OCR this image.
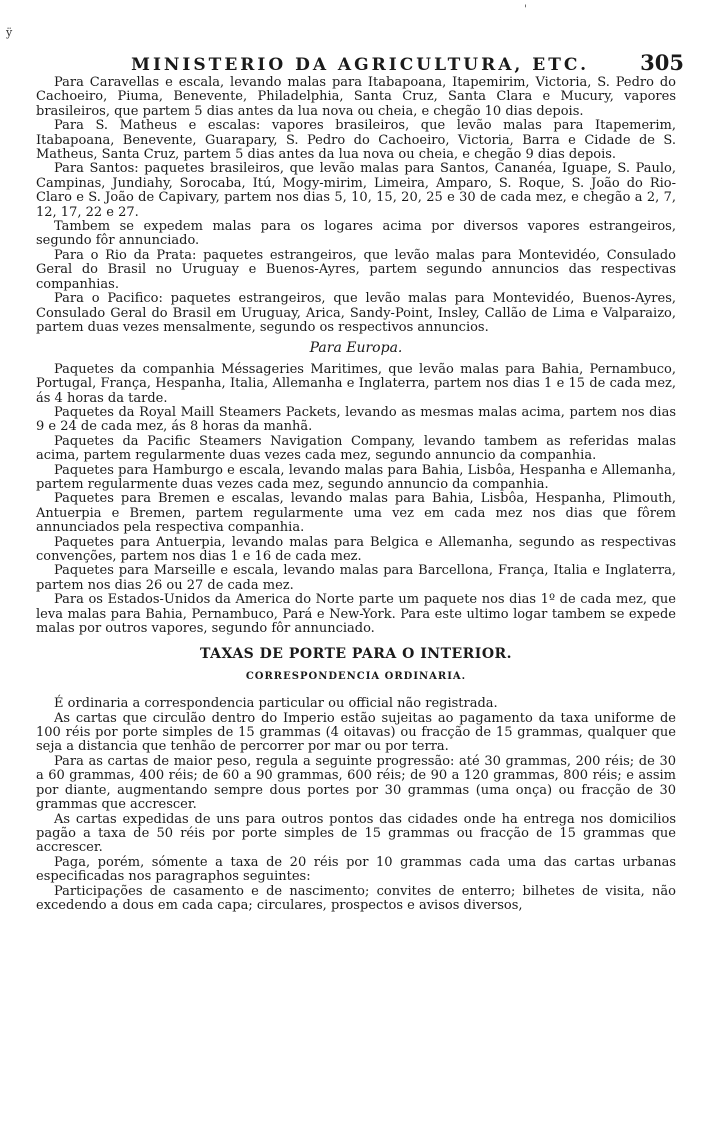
ÿ
'
MINISTERIO DA AGRICULTURA, ETC.	305

Para Caravellas e escala, levando malas para Itabapoana, Itapemirim, Victoria, S. Pedro do Cachoeiro, Piuma, Benevente, Philadelphia, Santa Cruz, Santa Clara e Mucury, vapores brasileiros, que partem 5 dias antes da lua nova ou cheia, e chegão 10 dias depois.

Para S. Matheus e escalas: vapores brasileiros, que levão malas para Itapemerim, Itabapoana, Benevente, Guarapary, S. Pedro do Cachoeiro, Victoria, Barra e Cidade de S. Matheus, Santa Cruz, partem 5 dias antes da lua nova ou cheia, e chegão 9 dias depois.

Para Santos: paquetes brasileiros, que levão malas para Santos, Cananéa, Iguape, S. Paulo, Campinas, Jundiahy, Sorocaba, Itú, Mogy-mirim, Limeira, Amparo, S. Roque, S. João do Rio-Claro e S. João de Capivary, partem nos dias 5, 10, 15, 20, 25 e 30 de cada mez, e chegão a 2, 7, 12, 17, 22 e 27.

Tambem se expedem malas para os logares acima por diversos vapores estrangeiros, segundo fôr annunciado.

Para o Rio da Prata: paquetes estrangeiros, que levão malas para Montevidéo, Consulado Geral do Brasil no Uruguay e Buenos-Ayres, partem segundo annuncios das respectivas companhias.

Para o Pacifico: paquetes estrangeiros, que levão malas para Montevidéo, Buenos-Ayres, Consulado Geral do Brasil em Uruguay, Arica, Sandy-Point, Insley, Callão de Lima e Valparaizo, partem duas vezes mensalmente, segundo os respectivos annuncios.

Para Europa.

Paquetes da companhia Méssageries Maritimes, que levão malas para Bahia, Pernambuco, Portugal, França, Hespanha, Italia, Allemanha e Inglaterra, partem nos dias 1 e 15 de cada mez, ás 4 horas da tarde.

Paquetes da Royal Maill Steamers Packets, levando as mesmas malas acima, partem nos dias 9 e 24 de cada mez, ás 8 horas da manhã.

Paquetes da Pacific Steamers Navigation Company, levando tambem as referidas malas acima, partem regularmente duas vezes cada mez, segundo annuncio da companhia.

Paquetes para Hamburgo e escala, levando malas para Bahia, Lisbôa, Hespanha e Allemanha, partem regularmente duas vezes cada mez, segundo annuncio da companhia.

Paquetes para Bremen e escalas, levando malas para Bahia, Lisbôa, Hespanha, Plimouth, Antuerpia e Bremen, partem regularmente uma vez em cada mez nos dias que fôrem annunciados pela respectiva companhia.

Paquetes para Antuerpia, levando malas para Belgica e Allemanha, segundo as respectivas convenções, partem nos dias 1 e 16 de cada mez.

Paquetes para Marseille e escala, levando malas para Barcellona, França, Italia e Inglaterra, partem nos dias 26 ou 27 de cada mez.

Para os Estados-Unidos da America do Norte parte um paquete nos dias 1º de cada mez, que leva malas para Bahia, Pernambuco, Pará e New-York. Para este ultimo logar tambem se expede malas por outros vapores, segundo fôr annunciado.

TAXAS DE PORTE PARA O INTERIOR.
CORRESPONDENCIA ORDINARIA.

É ordinaria a correspondencia particular ou official não registrada.

As cartas que circulão dentro do Imperio estão sujeitas ao pagamento da taxa uniforme de 100 réis por porte simples de 15 grammas (4 oitavas) ou fracção de 15 grammas, qualquer que seja a distancia que tenhão de percorrer por mar ou por terra.

Para as cartas de maior peso, regula a seguinte progressão: até 30 grammas, 200 réis; de 30 a 60 grammas, 400 réis; de 60 a 90 grammas, 600 réis; de 90 a 120 grammas, 800 réis; e assim por diante, augmentando sempre dous portes por 30 grammas (uma onça) ou fracção de 30 grammas que accrescer.

As cartas expedidas de uns para outros pontos das cidades onde ha entrega nos domicilios pagão a taxa de 50 réis por porte simples de 15 grammas ou fracção de 15 grammas que accrescer.

Paga, porém, sómente a taxa de 20 réis por 10 grammas cada uma das cartas urbanas especificadas nos paragraphos seguintes:

Participações de casamento e de nascimento; convites de enterro; bilhetes de visita, não excedendo a dous em cada capa; circulares, prospectos e avisos diversos,
